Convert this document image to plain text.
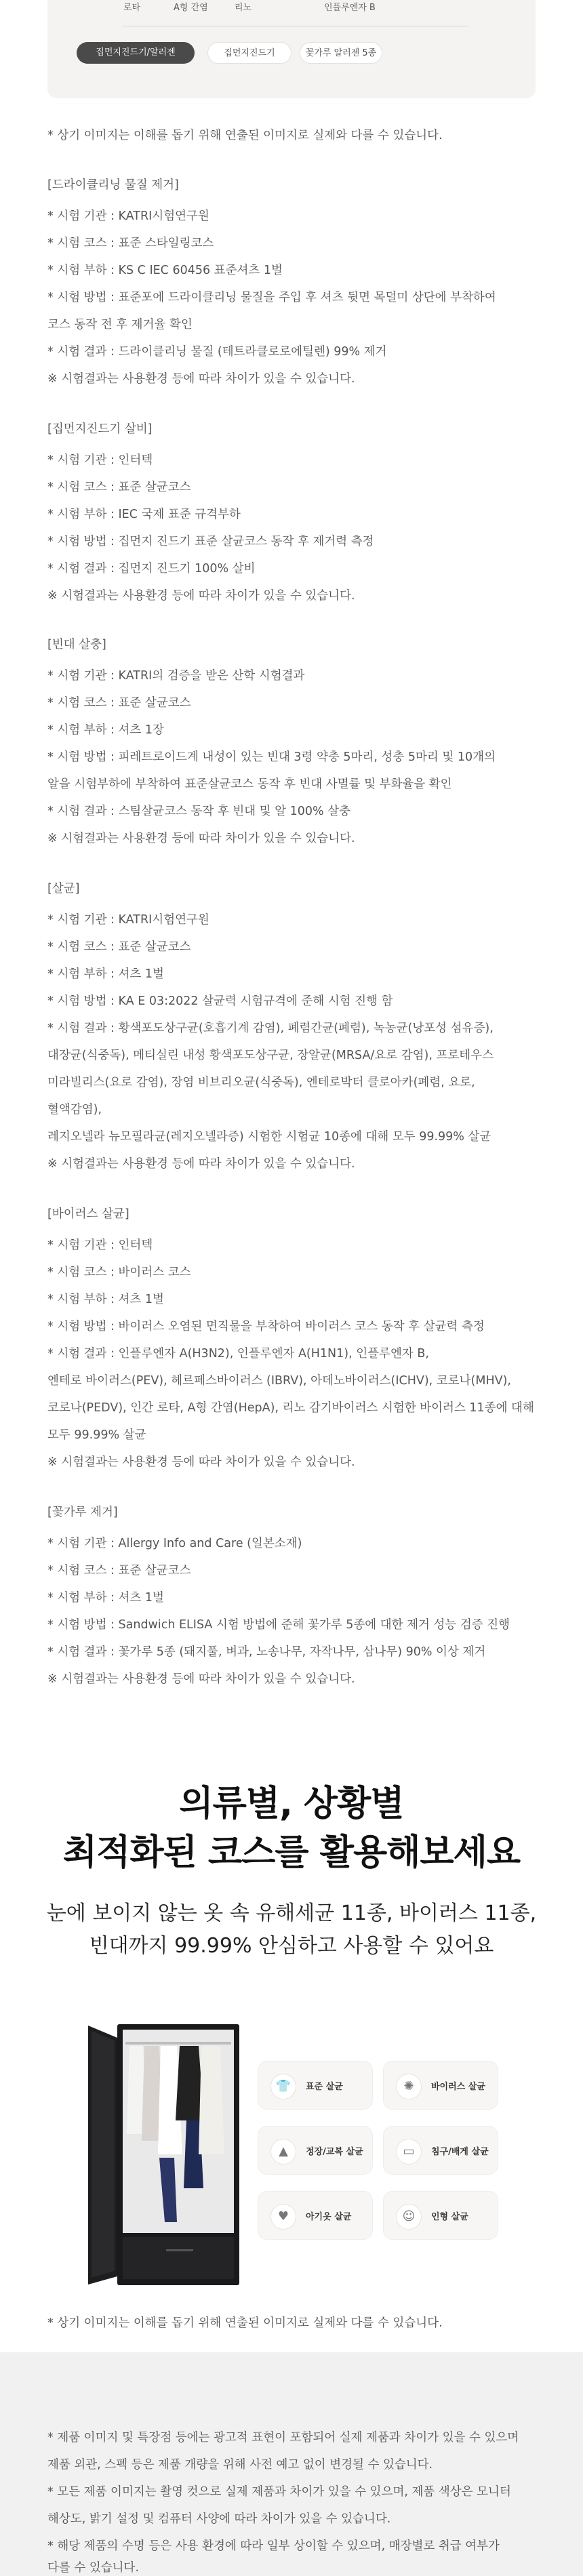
로타	A형 간염	리노	인플루엔자 B
집먼지진드기/알러젠	집먼지진드기	꽃가루 알러젠 5종
* 상기 이미지는 이해를 돕기 위해 연출된 이미지로 실제와 다를 수 있습니다.
[드라이클리닝 물질 제거]
* 시험 기관 : KATRI시험연구원
* 시험 코스 : 표준 스타일링코스
* 시험 부하 : KS C IEC 60456 표준셔츠 1벌
* 시험 방법 : 표준포에 드라이클리닝 물질을 주입 후 셔츠 뒷면 목덜미 상단에 부착하여
코스 동작 전 후 제거율 확인
* 시험 결과 : 드라이클리닝 물질 (테트라클로로에틸렌) 99% 제거
※ 시험결과는 사용환경 등에 따라 차이가 있을 수 있습니다.
[집먼지진드기 살비]
* 시험 기관 : 인터텍
* 시험 코스 : 표준 살균코스
* 시험 부하 : IEC 국제 표준 규격부하
* 시험 방법 : 집먼지 진드기 표준 살균코스 동작 후 제거력 측정
* 시험 결과 : 집먼지 진드기 100% 살비
※ 시험결과는 사용환경 등에 따라 차이가 있을 수 있습니다.
[빈대 살충]
* 시험 기관 : KATRI의 검증을 받은 산학 시험결과
* 시험 코스 : 표준 살균코스
* 시험 부하 : 셔츠 1장
* 시험 방법 : 피레트로이드계 내성이 있는 빈대 3령 약충 5마리, 성충 5마리 및 10개의
알을 시험부하에 부착하여 표준살균코스 동작 후 빈대 사멸률 및 부화율을 확인
* 시험 결과 : 스팀살균코스 동작 후 빈대 및 알 100% 살충
※ 시험결과는 사용환경 등에 따라 차이가 있을 수 있습니다.
[살균]
* 시험 기관 : KATRI시험연구원
* 시험 코스 : 표준 살균코스
* 시험 부하 : 셔츠 1벌
* 시험 방법 : KA E 03:2022 살균력 시험규격에 준해 시험 진행 함
* 시험 결과 : 황색포도상구균(호흡기계 감염), 폐렴간균(폐렴), 녹농균(낭포성 섬유증),
대장균(식중독), 메티실린 내성 황색포도상구균, 장알균(MRSA/요로 감염), 프로테우스
미라빌리스(요로 감염), 장염 비브리오균(식중독), 엔테로박터 클로아카(폐렴, 요로,
혈액감염),
레지오넬라 뉴모필라균(레지오넬라증) 시험한 시험균 10종에 대해 모두 99.99% 살균
※ 시험결과는 사용환경 등에 따라 차이가 있을 수 있습니다.
[바이러스 살균]
* 시험 기관 : 인터텍
* 시험 코스 : 바이러스 코스
* 시험 부하 : 셔츠 1벌
* 시험 방법 : 바이러스 오염된 면직물을 부착하여 바이러스 코스 동작 후 살균력 측정
* 시험 결과 : 인플루엔자 A(H3N2), 인플루엔자 A(H1N1), 인플루엔자 B,
엔테로 바이러스(PEV), 헤르페스바이러스 (IBRV), 아데노바이러스(ICHV), 코로나(MHV),
코로나(PEDV), 인간 로타, A형 간염(HepA), 리노 감기바이러스 시험한 바이러스 11종에 대해
모두 99.99% 살균
※ 시험결과는 사용환경 등에 따라 차이가 있을 수 있습니다.
[꽃가루 제거]
* 시험 기관 : Allergy Info and Care (일본소재)
* 시험 코스 : 표준 살균코스
* 시험 부하 : 셔츠 1벌
* 시험 방법 : Sandwich ELISA 시험 방법에 준해 꽃가루 5종에 대한 제거 성능 검증 진행
* 시험 결과 : 꽃가루 5종 (돼지풀, 벼과, 노송나무, 자작나무, 삼나무) 90% 이상 제거
※ 시험결과는 사용환경 등에 따라 차이가 있을 수 있습니다.
의류별, 상황별
최적화된 코스를 활용해보세요

눈에 보이지 않는 옷 속 유해세균 11종, 바이러스 11종,
빈대까지 99.99% 안심하고 사용할 수 있어요

👕	표준 살균	✺	바이러스 살균
▲	정장/교복 살균	▭	침구/배게 살균
♥	아기옷 살균	☺	인형 살균
* 상기 이미지는 이해를 돕기 위해 연출된 이미지로 실제와 다를 수 있습니다.
* 제품 이미지 및 특장점 등에는 광고적 표현이 포함되어 실제 제품과 차이가 있을 수 있으며
제품 외관, 스펙 등은 제품 개량을 위해 사전 예고 없이 변경될 수 있습니다.
* 모든 제품 이미지는 촬영 컷으로 실제 제품과 차이가 있을 수 있으며, 제품 색상은 모니터
해상도, 밝기 설정 및 컴퓨터 사양에 따라 차이가 있을 수 있습니다.
* 해당 제품의 수명 등은 사용 환경에 따라 일부 상이할 수 있으며, 매장별로 취급 여부가
다를 수 있습니다.
